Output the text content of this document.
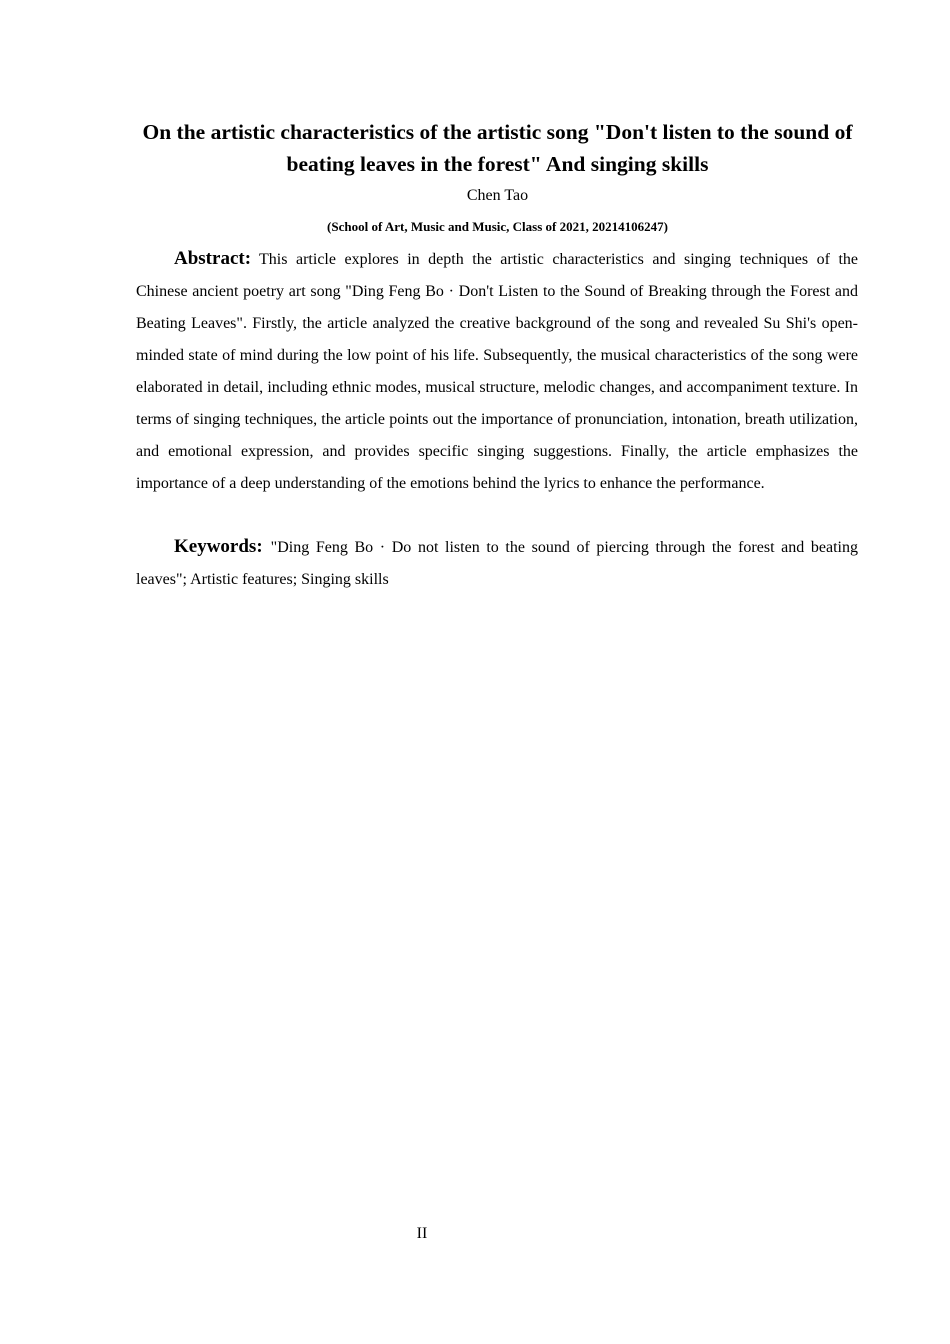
On the artistic characteristics of the artistic song "Don't listen to the sound of beating leaves in the forest" And singing skills
Chen Tao
(School of Art, Music and Music, Class of 2021, 20214106247)

Abstract: This article explores in depth the artistic characteristics and singing techniques of the Chinese ancient poetry art song "Ding Feng Bo · Don't Listen to the Sound of Breaking through the Forest and Beating Leaves". Firstly, the article analyzed the creative background of the song and revealed Su Shi's open-minded state of mind during the low point of his life. Subsequently, the musical characteristics of the song were elaborated in detail, including ethnic modes, musical structure, melodic changes, and accompaniment texture. In terms of singing techniques, the article points out the importance of pronunciation, intonation, breath utilization, and emotional expression, and provides specific singing suggestions. Finally, the article emphasizes the importance of a deep understanding of the emotions behind the lyrics to enhance the performance.

Keywords: "Ding Feng Bo · Do not listen to the sound of piercing through the forest and beating leaves"; Artistic features; Singing skills

II
